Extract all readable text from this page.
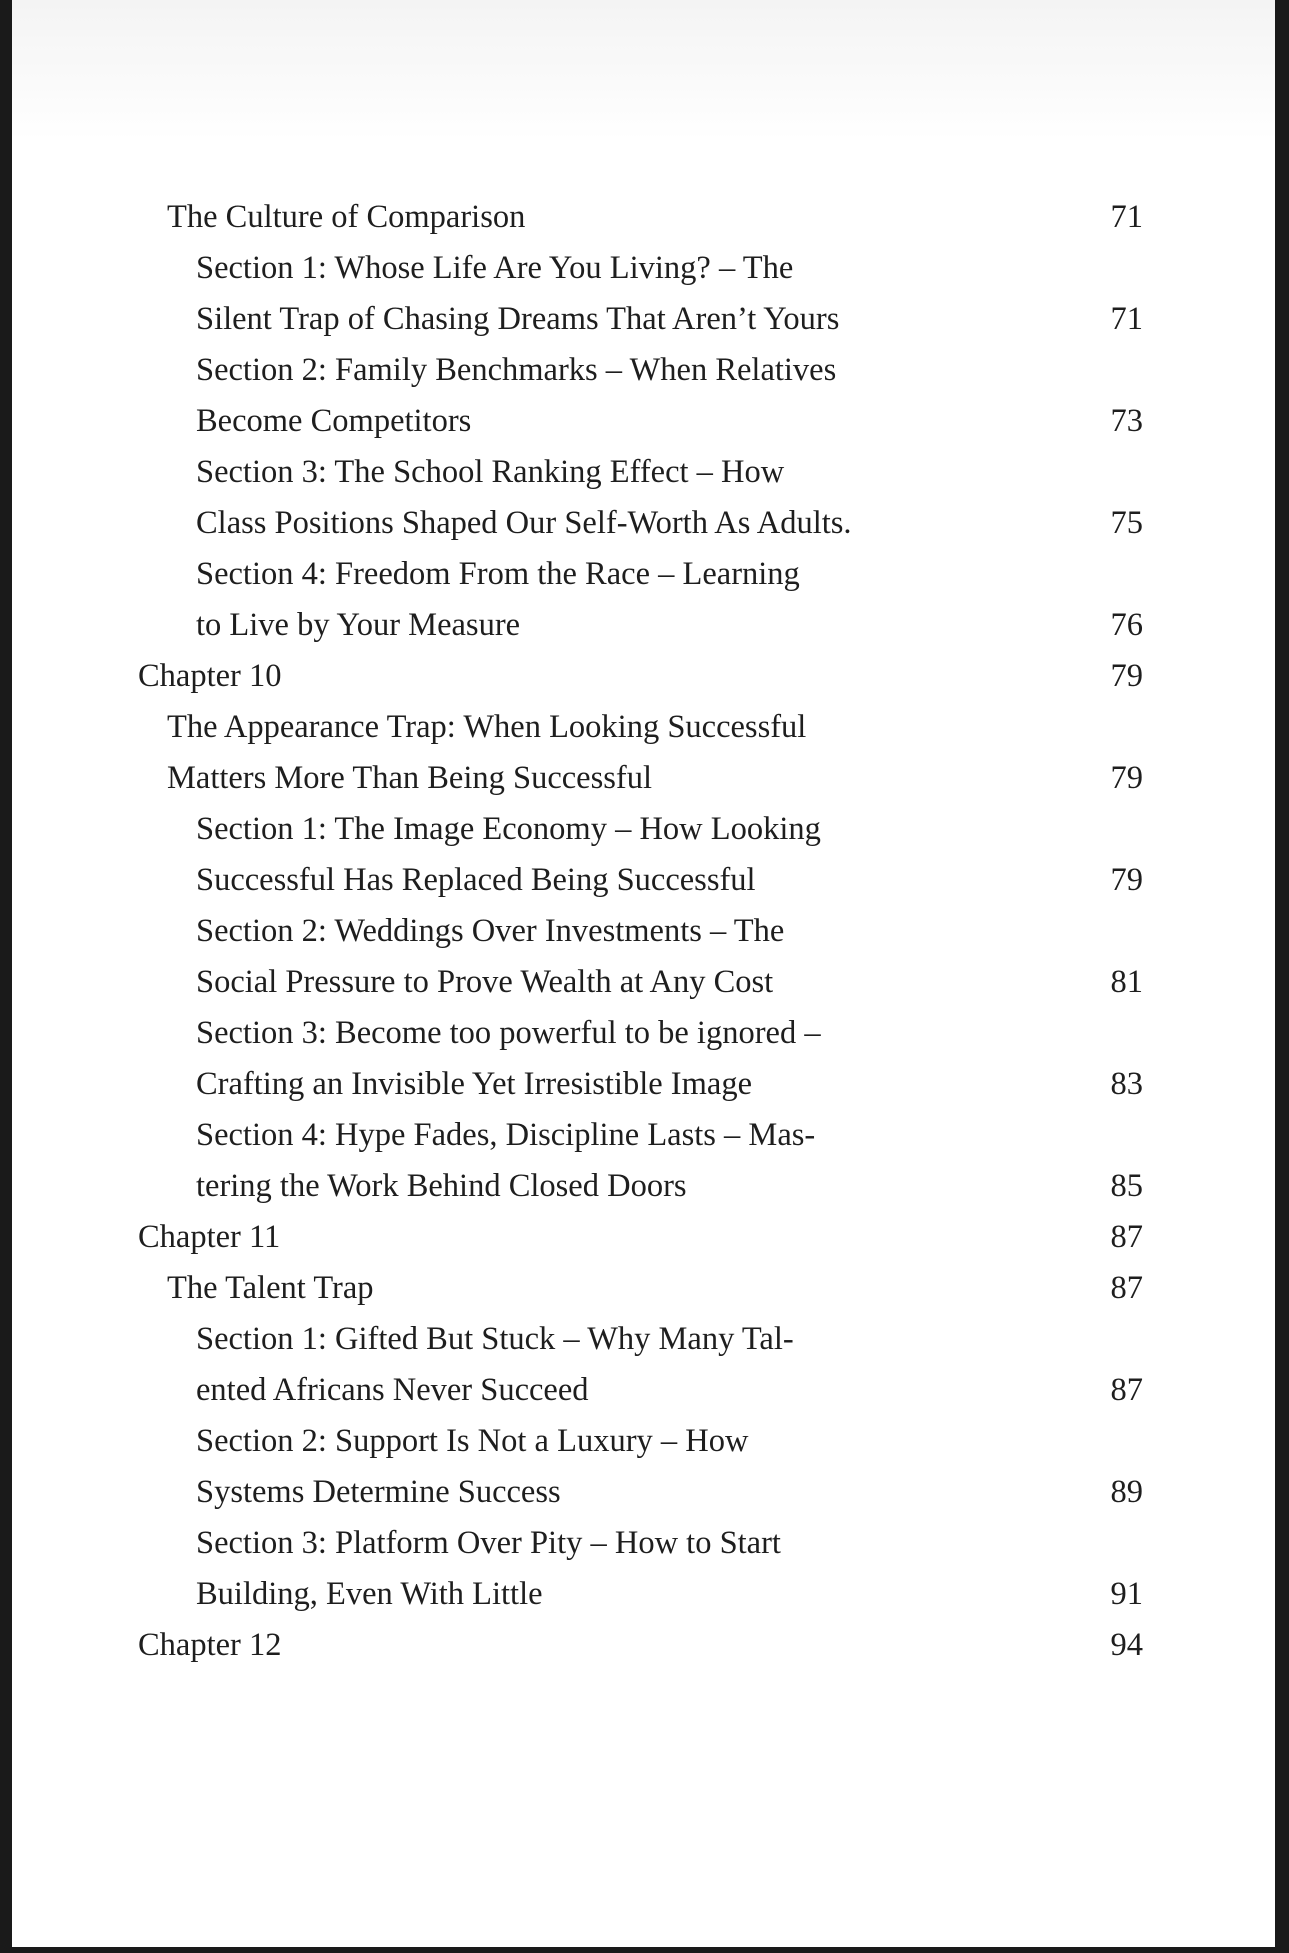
The Culture of Comparison	71
Section 1: Whose Life Are You Living? – The
Silent Trap of Chasing Dreams That Aren’t Yours	71
Section 2: Family Benchmarks – When Relatives
Become Competitors	73
Section 3: The School Ranking Effect – How
Class Positions Shaped Our Self-Worth As Adults.	75
Section 4: Freedom From the Race – Learning
to Live by Your Measure	76
Chapter 10	79
The Appearance Trap: When Looking Successful
Matters More Than Being Successful	79
Section 1: The Image Economy – How Looking
Successful Has Replaced Being Successful	79
Section 2: Weddings Over Investments – The
Social Pressure to Prove Wealth at Any Cost	81
Section 3: Become too powerful to be ignored –
Crafting an Invisible Yet Irresistible Image	83
Section 4: Hype Fades, Discipline Lasts – Mas-
tering the Work Behind Closed Doors	85
Chapter 11	87
The Talent Trap	87
Section 1: Gifted But Stuck – Why Many Tal-
ented Africans Never Succeed	87
Section 2: Support Is Not a Luxury – How
Systems Determine Success	89
Section 3: Platform Over Pity – How to Start
Building, Even With Little	91
Chapter 12	94
